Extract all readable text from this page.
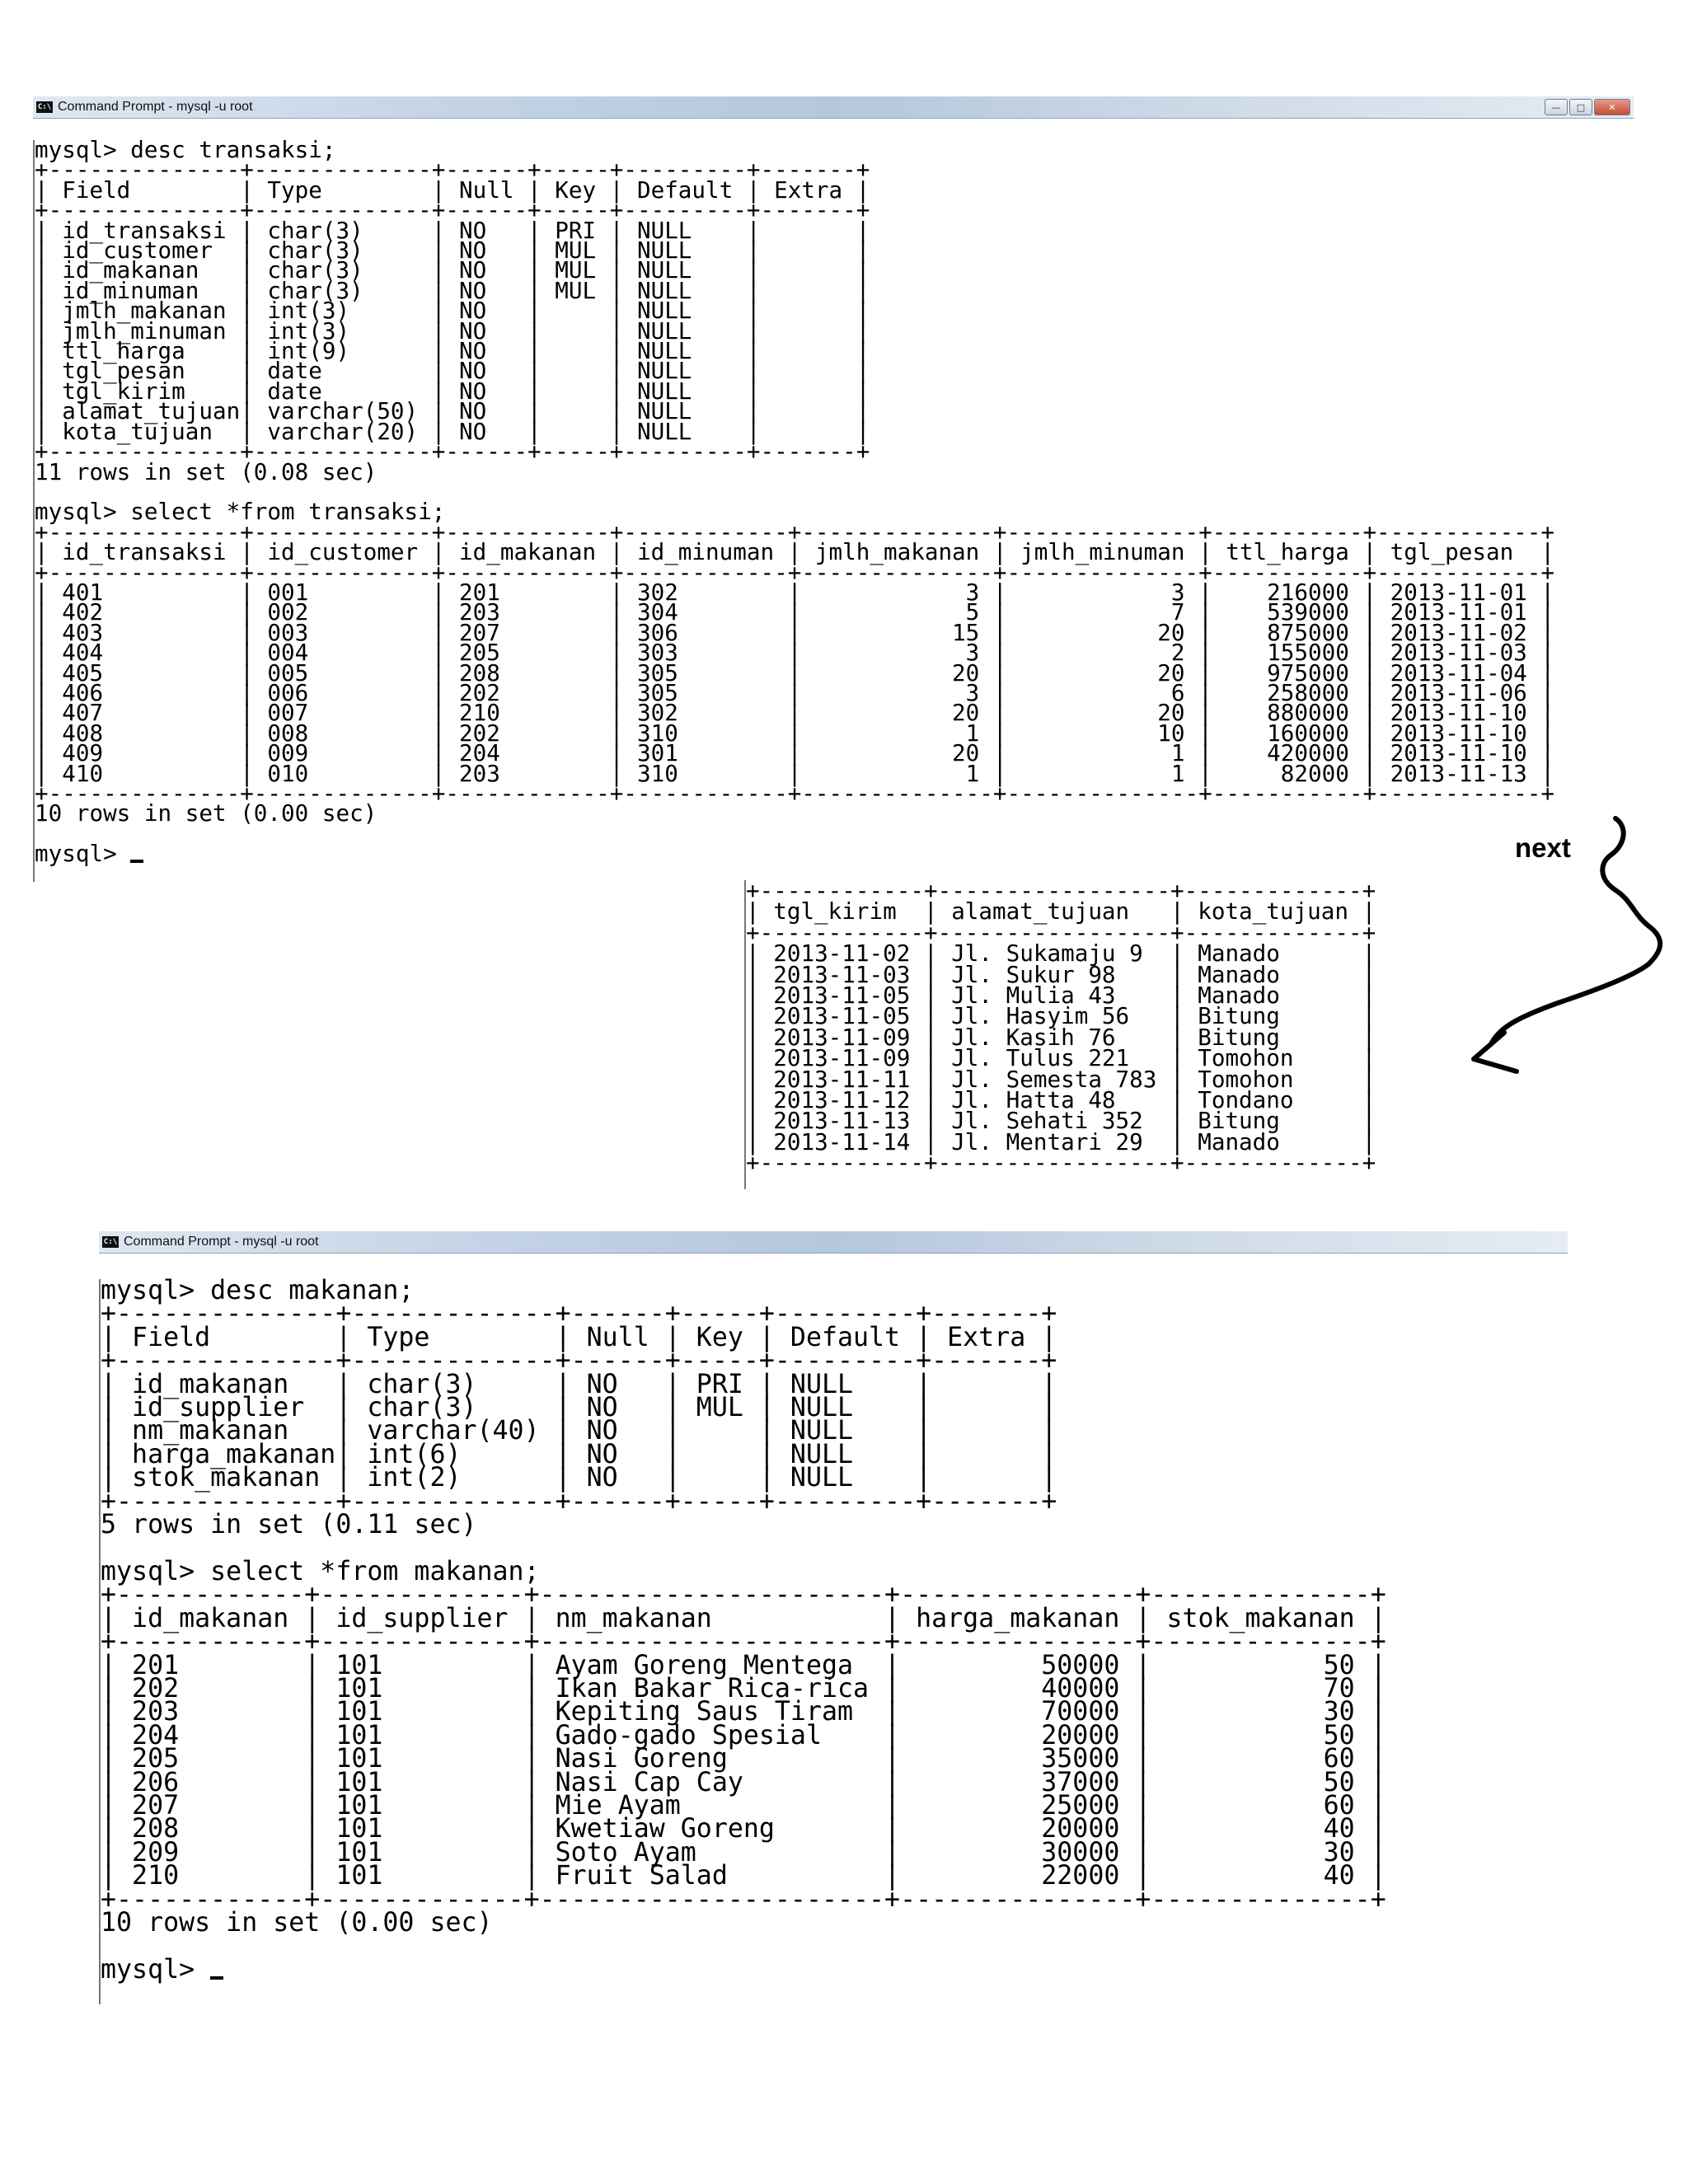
C:\ Command Prompt - mysql -u root	—	□	✕
mysql> desc transaksi;
+--------------+-------------+------+-----+---------+-------+
| Field        | Type        | Null | Key | Default | Extra |
+--------------+-------------+------+-----+---------+-------+
| id_transaksi | char(3)     | NO   | PRI | NULL    |       |
| id_customer  | char(3)     | NO   | MUL | NULL    |       |
| id_makanan   | char(3)     | NO   | MUL | NULL    |       |
| id_minuman   | char(3)     | NO   | MUL | NULL    |       |
| jmlh_makanan | int(3)      | NO   |     | NULL    |       |
| jmlh_minuman | int(3)      | NO   |     | NULL    |       |
| ttl_harga    | int(9)      | NO   |     | NULL    |       |
| tgl_pesan    | date        | NO   |     | NULL    |       |
| tgl_kirim    | date        | NO   |     | NULL    |       |
| alamat_tujuan| varchar(50) | NO   |     | NULL    |       |
| kota_tujuan  | varchar(20) | NO   |     | NULL    |       |
+--------------+-------------+------+-----+---------+-------+
11 rows in set (0.08 sec)

mysql> select *from transaksi;
+--------------+-------------+------------+------------+--------------+--------------+-----------+------------+
| id_transaksi | id_customer | id_makanan | id_minuman | jmlh_makanan | jmlh_minuman | ttl_harga | tgl_pesan  |
+--------------+-------------+------------+------------+--------------+--------------+-----------+------------+
| 401          | 001         | 201        | 302        |            3 |            3 |    216000 | 2013-11-01 |
| 402          | 002         | 203        | 304        |            5 |            7 |    539000 | 2013-11-01 |
| 403          | 003         | 207        | 306        |           15 |           20 |    875000 | 2013-11-02 |
| 404          | 004         | 205        | 303        |            3 |            2 |    155000 | 2013-11-03 |
| 405          | 005         | 208        | 305        |           20 |           20 |    975000 | 2013-11-04 |
| 406          | 006         | 202        | 305        |            3 |            6 |    258000 | 2013-11-06 |
| 407          | 007         | 210        | 302        |           20 |           20 |    880000 | 2013-11-10 |
| 408          | 008         | 202        | 310        |            1 |           10 |    160000 | 2013-11-10 |
| 409          | 009         | 204        | 301        |           20 |            1 |    420000 | 2013-11-10 |
| 410          | 010         | 203        | 310        |            1 |            1 |     82000 | 2013-11-13 |
+--------------+-------------+------------+------------+--------------+--------------+-----------+------------+
10 rows in set (0.00 sec)

mysql>	next
+------------+-----------------+-------------+
| tgl_kirim  | alamat_tujuan   | kota_tujuan |
+------------+-----------------+-------------+
| 2013-11-02 | Jl. Sukamaju 9  | Manado      |
| 2013-11-03 | Jl. Sukur 98    | Manado      |
| 2013-11-05 | Jl. Mulia 43    | Manado      |
| 2013-11-05 | Jl. Hasyim 56   | Bitung      |
| 2013-11-09 | Jl. Kasih 76    | Bitung      |
| 2013-11-09 | Jl. Tulus 221   | Tomohon     |
| 2013-11-11 | Jl. Semesta 783 | Tomohon     |
| 2013-11-12 | Jl. Hatta 48    | Tondano     |
| 2013-11-13 | Jl. Sehati 352  | Bitung      |
| 2013-11-14 | Jl. Mentari 29  | Manado      |
+------------+-----------------+-------------+
C:\ Command Prompt - mysql -u root
mysql> desc makanan;
+--------------+-------------+------+-----+---------+-------+
| Field        | Type        | Null | Key | Default | Extra |
+--------------+-------------+------+-----+---------+-------+
| id_makanan   | char(3)     | NO   | PRI | NULL    |       |
| id_supplier  | char(3)     | NO   | MUL | NULL    |       |
| nm_makanan   | varchar(40) | NO   |     | NULL    |       |
| harga_makanan| int(6)      | NO   |     | NULL    |       |
| stok_makanan | int(2)      | NO   |     | NULL    |       |
+--------------+-------------+------+-----+---------+-------+
5 rows in set (0.11 sec)

mysql> select *from makanan;
+------------+-------------+----------------------+---------------+--------------+
| id_makanan | id_supplier | nm_makanan           | harga_makanan | stok_makanan |
+------------+-------------+----------------------+---------------+--------------+
| 201        | 101         | Ayam Goreng Mentega  |         50000 |           50 |
| 202        | 101         | Ikan Bakar Rica-rica |         40000 |           70 |
| 203        | 101         | Kepiting Saus Tiram  |         70000 |           30 |
| 204        | 101         | Gado-gado Spesial    |         20000 |           50 |
| 205        | 101         | Nasi Goreng          |         35000 |           60 |
| 206        | 101         | Nasi Cap Cay         |         37000 |           50 |
| 207        | 101         | Mie Ayam             |         25000 |           60 |
| 208        | 101         | Kwetiaw Goreng       |         20000 |           40 |
| 209        | 101         | Soto Ayam            |         30000 |           30 |
| 210        | 101         | Fruit Salad          |         22000 |           40 |
+------------+-------------+----------------------+---------------+--------------+
10 rows in set (0.00 sec)

mysql>
